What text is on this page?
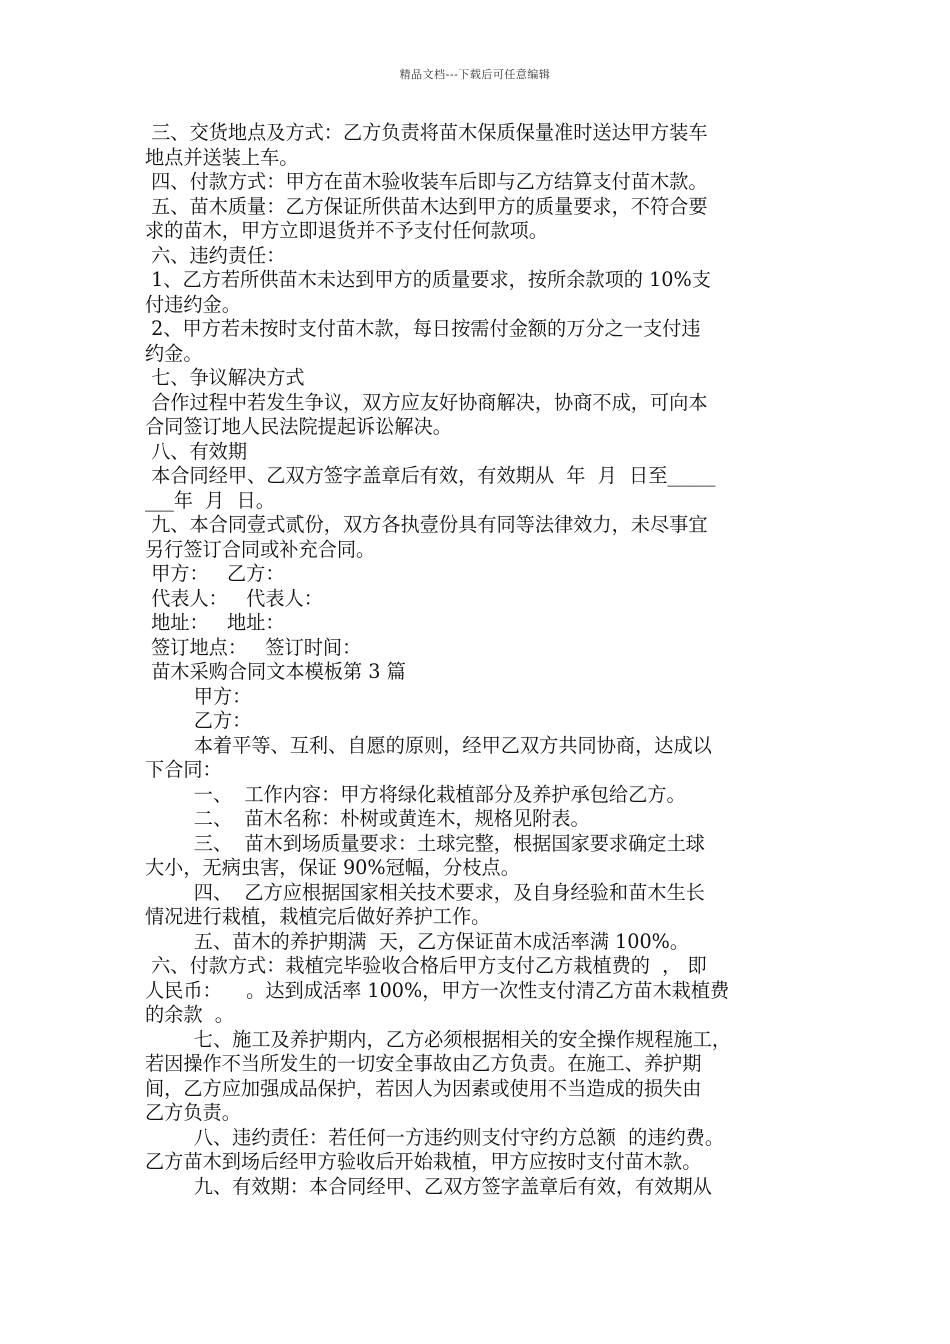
精品文档---下载后可任意编辑
三、交货地点及方式：乙方负责将苗木保质保量准时送达甲方装车
地点并送装上车。
四、付款方式：甲方在苗木验收装车后即与乙方结算支付苗木款。
五、苗木质量：乙方保证所供苗木达到甲方的质量要求，不符合要
求的苗木，甲方立即退货并不予支付任何款项。
六、违约责任：
1、乙方若所供苗木未达到甲方的质量要求，按所余款项的 10%支
付违约金。
2、甲方若未按时支付苗木款，每日按需付金额的万分之一支付违
约金。
七、争议解决方式
合作过程中若发生争议，双方应友好协商解决，协商不成，可向本
合同签订地人民法院提起诉讼解决。
八、有效期
本合同经甲、乙双方签字盖章后有效，有效期从  年  月  日至_____
___年  月  日。
九、本合同壹式贰份，双方各执壹份具有同等法律效力，未尽事宜
另行签订合同或补充合同。
甲方：   乙方：
代表人：   代表人：
地址：   地址：
签订地点：   签订时间：
苗木采购合同文本模板第 3 篇
甲方：
乙方：
本着平等、互利、自愿的原则，经甲乙双方共同协商，达成以
下合同：
一、  工作内容：甲方将绿化栽植部分及养护承包给乙方。
二、  苗木名称：朴树或黄连木，规格见附表。
三、  苗木到场质量要求：土球完整，根据国家要求确定土球
大小，无病虫害，保证 90%冠幅，分枝点。
四、  乙方应根据国家相关技术要求，及自身经验和苗木生长
情况进行栽植，栽植完后做好养护工作。
五、苗木的养护期满  天，乙方保证苗木成活率满 100%。
六、付款方式：栽植完毕验收合格后甲方支付乙方栽植费的  ， 即
人民币：    。达到成活率 100%，甲方一次性支付清乙方苗木栽植费
的余款  。
七、施工及养护期内，乙方必须根据相关的安全操作规程施工，
若因操作不当所发生的一切安全事故由乙方负责。在施工、养护期
间，乙方应加强成品保护，若因人为因素或使用不当造成的损失由
乙方负责。
八、违约责任：若任何一方违约则支付守约方总额  的违约费。
乙方苗木到场后经甲方验收后开始栽植，甲方应按时支付苗木款。
九、有效期：本合同经甲、乙双方签字盖章后有效，有效期从
